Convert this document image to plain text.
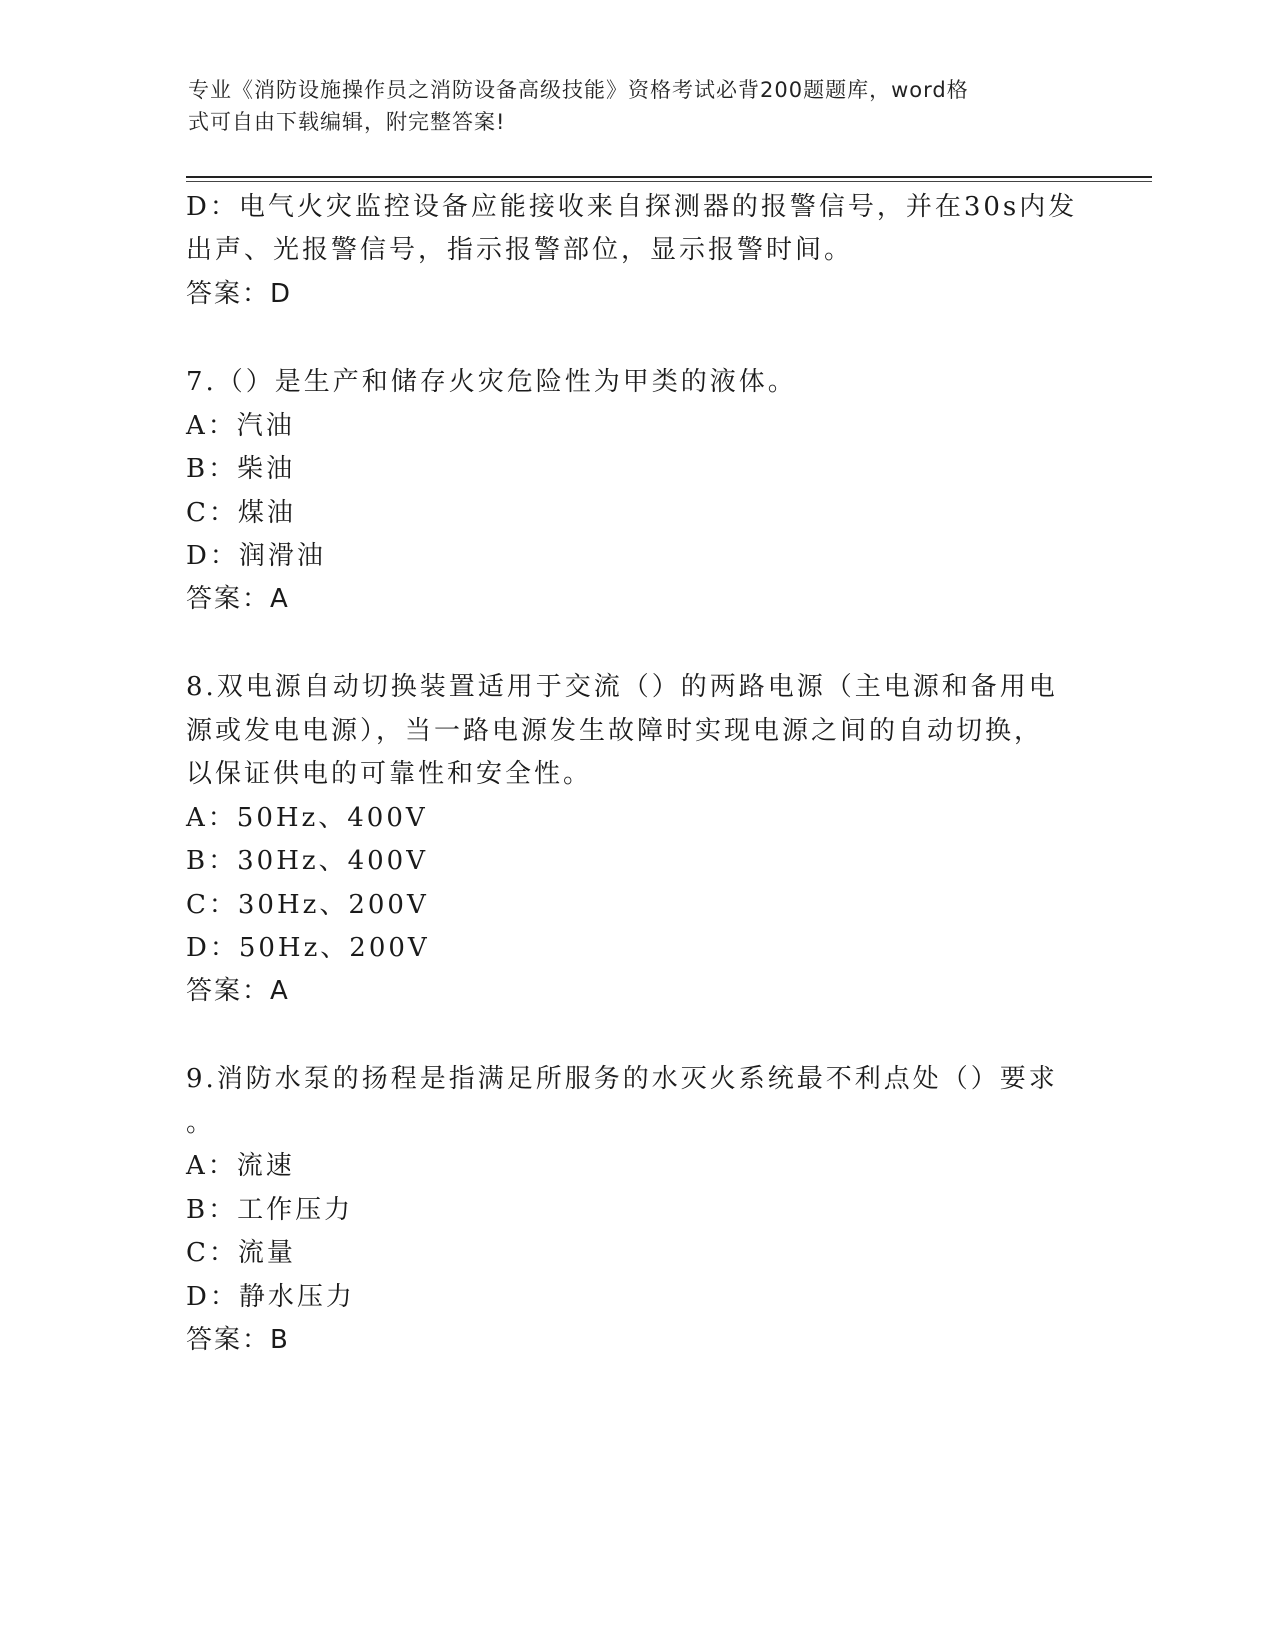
专业《消防设施操作员之消防设备高级技能》资格考试必背200题题库，word格
式可自由下载编辑，附完整答案!
D：电气火灾监控设备应能接收来自探测器的报警信号，并在30s内发
出声、光报警信号，指示报警部位，显示报警时间。
答案：D
7.（）是生产和储存火灾危险性为甲类的液体。
A：汽油
B：柴油
C：煤油
D：润滑油
答案：A
8.双电源自动切换装置适用于交流（）的两路电源（主电源和备用电
源或发电电源），当一路电源发生故障时实现电源之间的自动切换，
以保证供电的可靠性和安全性。
A：50Hz、400V
B：30Hz、400V
C：30Hz、200V
D：50Hz、200V
答案：A
9.消防水泵的扬程是指满足所服务的水灭火系统最不利点处（）要求
。
A：流速
B：工作压力
C：流量
D：静水压力
答案：B
